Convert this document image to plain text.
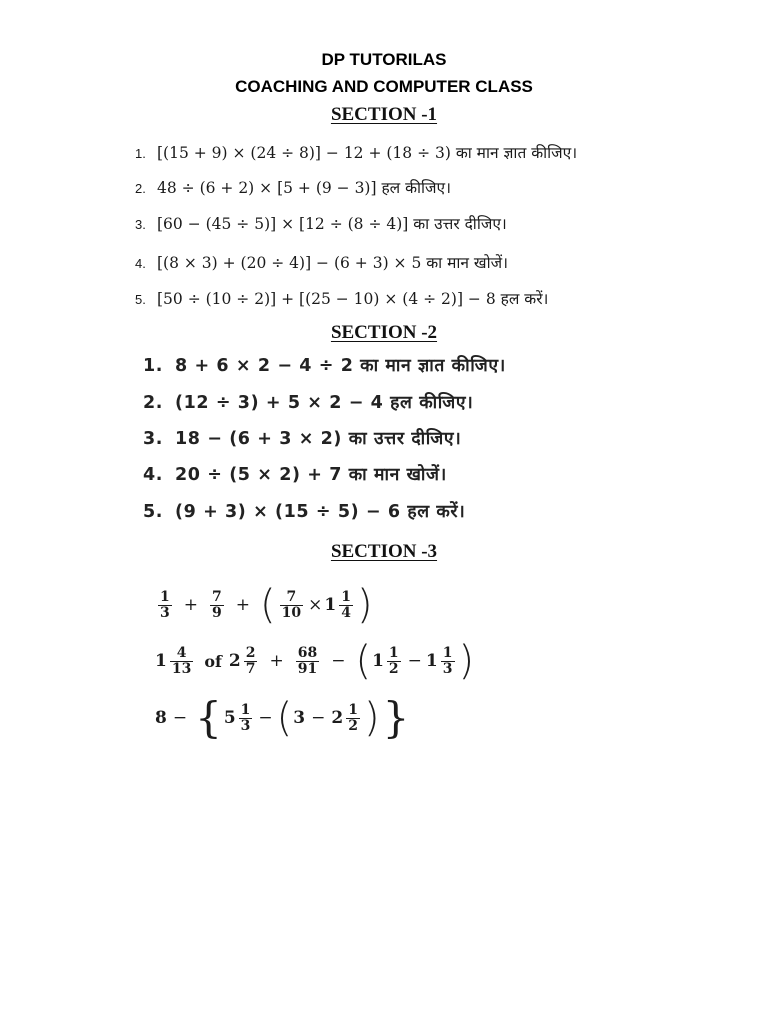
DP TUTORILAS
COACHING AND COMPUTER CLASS
SECTION -1
1. [(15 + 9) × (24 ÷ 8)] − 12 + (18 ÷ 3) का मान ज्ञात कीजिए।
2. 48 ÷ (6 + 2) × [5 + (9 − 3)] हल कीजिए।
3. [60 − (45 ÷ 5)] × [12 ÷ (8 ÷ 4)] का उत्तर दीजिए।
4. [(8 × 3) + (20 ÷ 4)] − (6 + 3) × 5 का मान खोजें।
5. [50 ÷ (10 ÷ 2)] + [(25 − 10) × (4 ÷ 2)] − 8 हल करें।
SECTION -2
1. 8 + 6 × 2 − 4 ÷ 2 का मान ज्ञात कीजिए।
2. (12 ÷ 3) + 5 × 2 − 4 हल कीजिए।
3. 18 − (6 + 3 × 2) का उत्तर दीजिए।
4. 20 ÷ (5 × 2) + 7 का मान खोजें।
5. (9 + 3) × (15 ÷ 5) − 6 हल करें।
SECTION -3
$\frac{1}{3} + \frac{7}{9}$ + ( $\frac{7}{10} \times 1 \frac{1}{4}$ )
$1 \frac{4}{13}$ of $2 \frac{2}{7} + \frac{68}{91}$ − ( $1 \frac{1}{2} - 1 \frac{1}{3}$ )
8 − { $5 \frac{1}{3}$ − ( $3 - 2 \frac{1}{2}$ ) }
